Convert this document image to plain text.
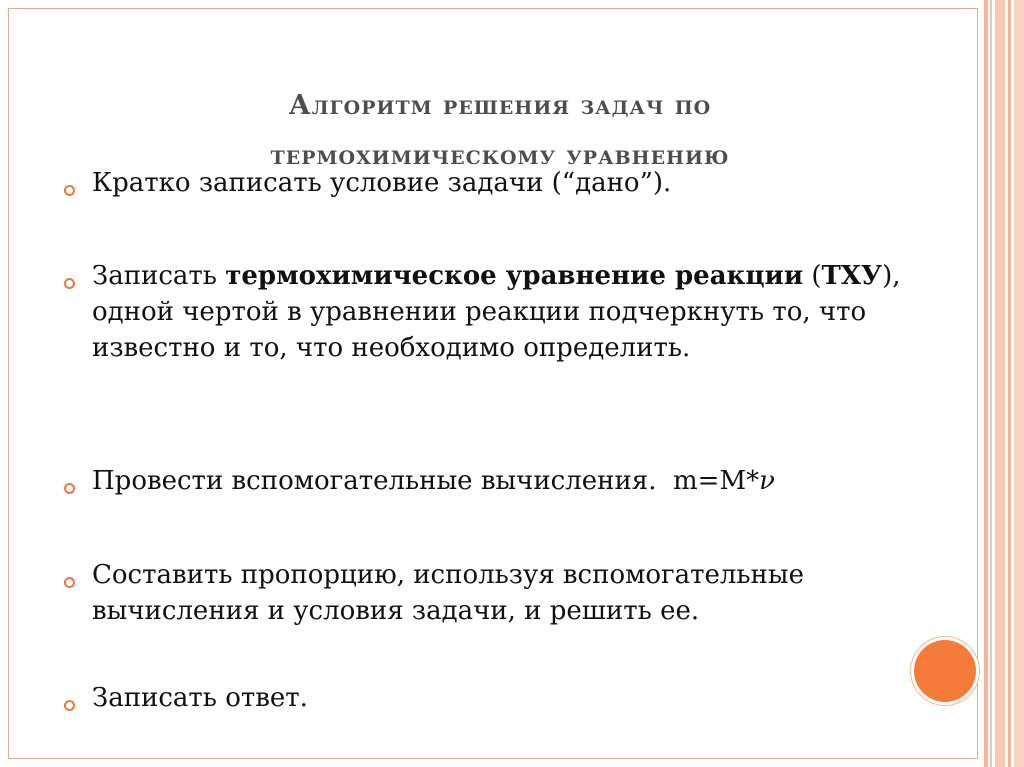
Алгоритм решения задач по
термохимическому уравнению
Кратко записать условие задачи (“дано”).
Записать термохимическое уравнение реакции (ТХУ), одной чертой в уравнении реакции подчеркнуть то, что известно и то, что необходимо определить.
Провести вспомогательные вычисления. m=M*ν
Составить пропорцию, используя вспомогательные вычисления и условия задачи, и решить ее.
Записать ответ.
